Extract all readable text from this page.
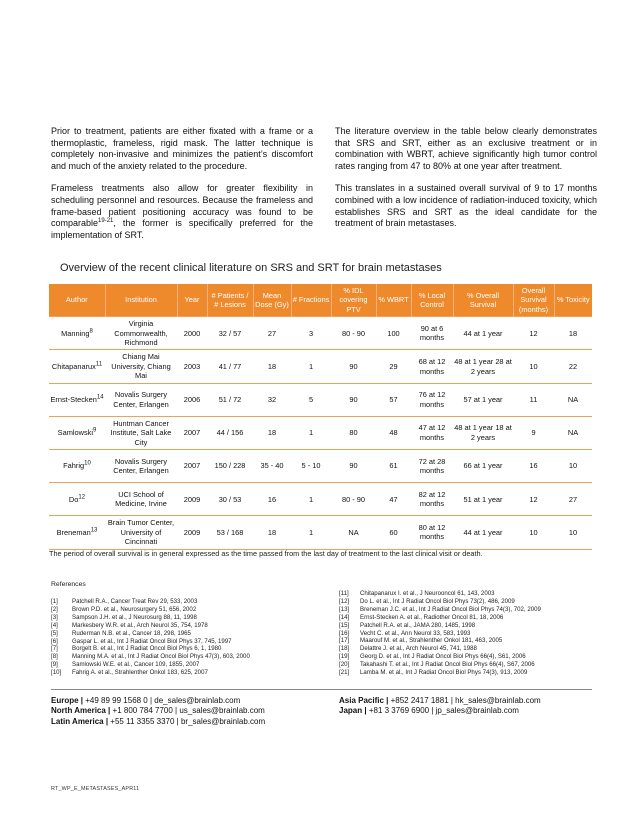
Prior to treatment, patients are either fixated with a frame or a thermoplastic, frameless, rigid mask. The latter technique is completely non-invasive and minimizes the patient’s discomfort and much of the anxiety related to the procedure.

Frameless treatments also allow for greater flexibility in scheduling personnel and resources. Because the frameless and frame-based patient positioning accuracy was found to be comparable$^{19-21}$, the former is specifically preferred for the implementation of SRT.

The literature overview in the table below clearly demonstrates that SRS and SRT, either as an exclusive treatment or in combination with WBRT, achieve significantly high tumor control rates ranging from 47 to 80% at one year after treatment.

This translates in a sustained overall survival of 9 to 17 months combined with a low incidence of radiation-induced toxicity, which establishes SRS and SRT as the ideal candidate for the treatment of brain metastases.

Overview of the recent clinical literature on SRS and SRT for brain metastases
Author	Institution	Year	# Patients / # Lesions	Mean Dose (Gy)	# Fractions	% IDL covering PTV	% WBRT	% Local Control	% Overall Survival	Overall Survival (months)	% Toxicity
Manning$^8$	Virginia Commonwealth, Richmond	2000	32 / 57	27	3	80 - 90	100	90 at 6 months	44 at 1 year	12	18
Chitapanarux$^{11}$	Chiang Mai University, Chiang Mai	2003	41 / 77	18	1	90	29	68 at 12 months	48 at 1 year 28 at 2 years	10	22
Ernst-Stecken$^{14}$	Novalis Surgery Center, Erlangen	2006	51 / 72	32	5	90	57	76 at 12 months	57 at 1 year	11	NA
Samlowski$^9$	Huntman Cancer Institute, Salt Lake City	2007	44 / 156	18	1	80	48	47 at 12 months	48 at 1 year 18 at 2 years	9	NA
Fahrig$^{10}$	Novalis Surgery Center, Erlangen	2007	150 / 228	35 - 40	5 - 10	90	61	72 at 28 months	66 at 1 year	16	10
Do$^{12}$	UCI School of Medicine, Irvine	2009	30 / 53	16	1	80 - 90	47	82 at 12 months	51 at 1 year	12	27
Breneman$^{13}$	Brain Tumor Center, University of Cincinnati	2009	53 / 168	18	1	NA	60	80 at 12 months	44 at 1 year	10	10
The period of overall survival is in general expressed as the time passed from the last day of treatment to the last clinical visit or death.
References
[1]	Patchell R.A., Cancer Treat Rev 29, 533, 2003
[2]	Brown P.D. et al., Neurosurgery 51, 656, 2002
[3]	Sampson J.H. et al., J Neurosurg 88, 11, 1998
[4]	Markesbery W.R. et al., Arch Neurol 35, 754, 1978
[5]	Ruderman N.B. et al., Cancer 18, 298, 1965
[6]	Gaspar L. et al., Int J Radiat Oncol Biol Phys 37, 745, 1997
[7]	Borgelt B. et al., Int J Radiat Oncol Biol Phys 6, 1, 1980
[8]	Manning M.A. et al., Int J Radiat Oncol Biol Phys 47(3), 603, 2000
[9]	Samlowski W.E. et al., Cancer 109, 1855, 2007
[10]	Fahrig A. et al., Strahlenther Onkol 183, 625, 2007
[11]	Chitapanarux I. et al., J Neurooncol 61, 143, 2003
[12]	Do L. et al., Int J Radiat Oncol Biol Phys 73(2), 486, 2009
[13]	Breneman J.C. et al., Int J Radiat Oncol Biol Phys 74(3), 702, 2009
[14]	Ernst-Stecken A. et al., Radiother Oncol 81, 18, 2006
[15]	Patchell R.A. et al., JAMA 280, 1485, 1998
[16]	Vecht C. et al., Ann Neurol 33, 583, 1993
[17]	Maarouf M. et al., Strahlenther Onkol 181, 463, 2005
[18]	Delattre J. et al., Arch Neurol 45, 741, 1988
[19]	Georg D. et al., Int J Radiat Oncol Biol Phys 66(4), S61, 2006
[20]	Takahashi T. et al., Int J Radiat Oncol Biol Phys 66(4), S67, 2006
[21]	Lamba M. et al., Int J Radiat Oncol Biol Phys 74(3), 913, 2009
Europe | +49 89 99 1568 0 | de_sales@brainlab.com
North America | +1 800 784 7700 | us_sales@brainlab.com
Latin America | +55 11 3355 3370 | br_sales@brainlab.com
Asia Pacific | +852 2417 1881 | hk_sales@brainlab.com
Japan | +81 3 3769 6900 | jp_sales@brainlab.com
RT_WP_E_METASTASES_APR11
